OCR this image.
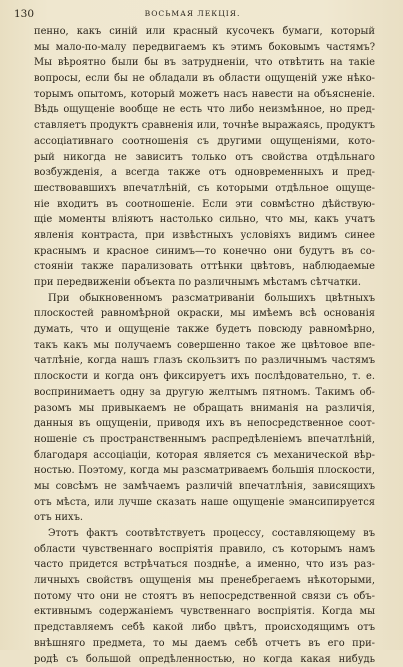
130	ВОСЬМАЯ ЛЕКЦІЯ.
пенно, какъ синій или красный кусочекъ бумаги, который
мы мало-по-малу передвигаемъ къ этимъ боковымъ частямъ?
Мы вѣроятно были бы въ затрудненіи, что отвѣтить на такіе
вопросы, если бы не обладали въ области ощущеній уже нѣко-
торымъ опытомъ, который можетъ насъ навести на объясненіе.
Вѣдь ощущеніе вообще не есть что либо неизмѣнное, но пред-
ставляетъ продуктъ сравненія или, точнѣе выражаясь, продуктъ
ассоціативнаго соотношенія съ другими ощущеніями, кото-
рый никогда не зависитъ только отъ свойства отдѣльнаго
возбужденія, а всегда также отъ одновременныхъ и пред-
шествовавшихъ впечатлѣній, съ которыми отдѣльное ощуще-
ніе входитъ въ соотношеніе. Если эти совмѣстно дѣйствую-
щіе моменты вліяютъ настолько сильно, что мы, какъ учатъ
явленія контраста, при извѣстныхъ условіяхъ видимъ синее
краснымъ и красное синимъ—то конечно они будутъ въ со-
стояніи также парализовать оттѣнки цвѣтовъ, наблюдаемые
при передвиженіи объекта по различнымъ мѣстамъ сѣтчатки.
При обыкновенномъ разсматриваніи большихъ цвѣтныхъ
плоскостей равномѣрной окраски, мы имѣемъ всѣ основанія
думать, что и ощущеніе также будетъ повсюду равномѣрно,
такъ какъ мы получаемъ совершенно такое же цвѣтовое впе-
чатлѣніе, когда нашъ глазъ скользитъ по различнымъ частямъ
плоскости и когда онъ фиксируетъ ихъ послѣдовательно, т. е.
воспринимаетъ одну за другую желтымъ пятномъ. Такимъ об-
разомъ мы привыкаемъ не обращать вниманія на различія,
данныя въ ощущеніи, приводя ихъ въ непосредственное соот-
ношеніе съ пространственнымъ распредѣленіемъ впечатлѣній,
благодаря ассоціаціи, которая является съ механической вѣр-
ностью. Поэтому, когда мы разсматриваемъ большія плоскости,
мы совсѣмъ не замѣчаемъ различій впечатлѣнія, зависящихъ
отъ мѣста, или лучше сказать наше ощущеніе эмансипируется
отъ нихъ.
Этотъ фактъ соотвѣтствуетъ процессу, составляющему въ
области чувственнаго воспріятія правило, съ которымъ намъ
часто придется встрѣчаться позднѣе, а именно, что изъ раз-
личныхъ свойствъ ощущенія мы пренебрегаемъ нѣкоторыми,
потому что они не стоятъ въ непосредственной связи съ объ-
ективнымъ содержаніемъ чувственнаго воспріятія. Когда мы
представляемъ себѣ какой либо цвѣтъ, происходящимъ отъ
внѣшняго предмета, то мы даемъ себѣ отчетъ въ его при-
родѣ съ большой опредѣленностью, но когда какая нибудь
